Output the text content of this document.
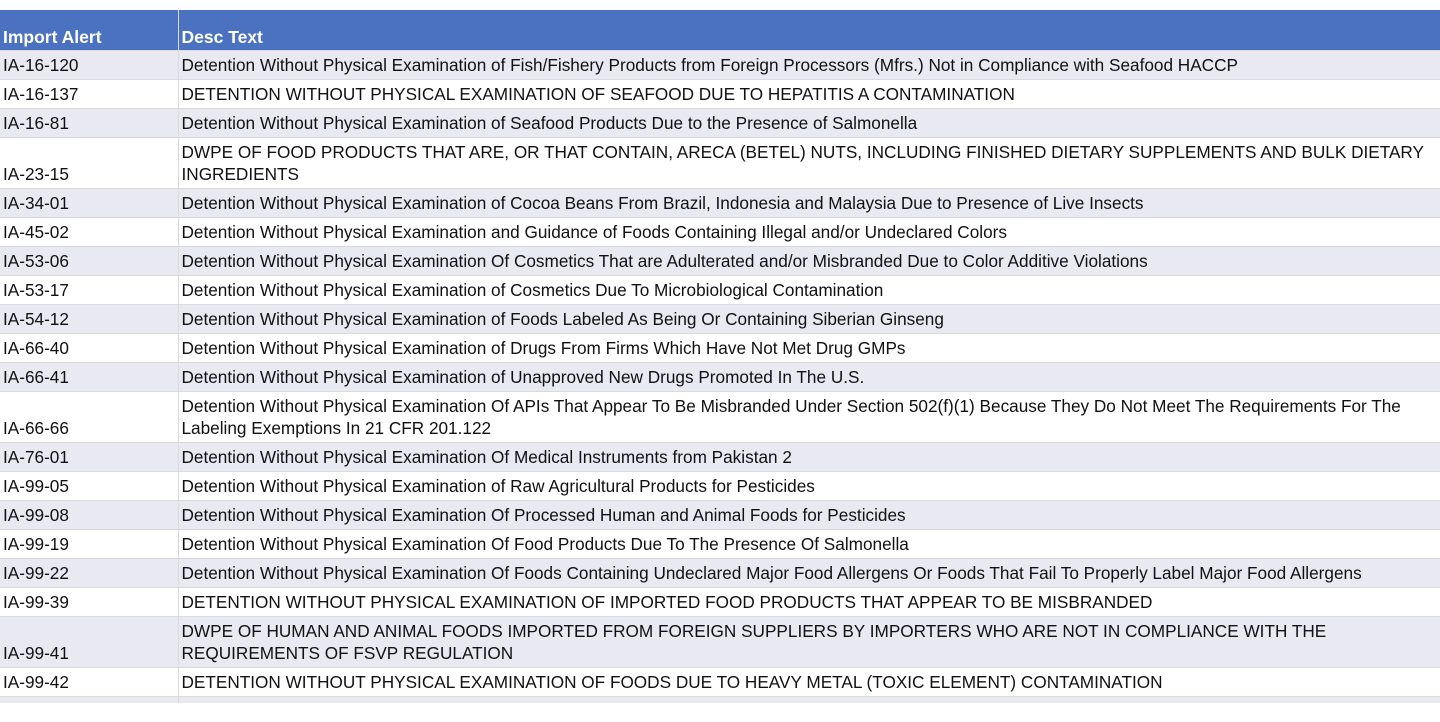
Import Alert	Desc Text
IA-16-120	Detention Without Physical Examination of Fish/Fishery Products from Foreign Processors (Mfrs.) Not in Compliance with Seafood HACCP
IA-16-137	DETENTION WITHOUT PHYSICAL EXAMINATION OF SEAFOOD DUE TO HEPATITIS A CONTAMINATION
IA-16-81	Detention Without Physical Examination of Seafood Products Due to the Presence of Salmonella
IA-23-15	DWPE OF FOOD PRODUCTS THAT ARE, OR THAT CONTAIN, ARECA (BETEL) NUTS, INCLUDING FINISHED DIETARY SUPPLEMENTS AND BULK DIETARY INGREDIENTS
IA-34-01	Detention Without Physical Examination of Cocoa Beans From Brazil, Indonesia and Malaysia Due to Presence of Live Insects
IA-45-02	Detention Without Physical Examination and Guidance of Foods Containing Illegal and/or Undeclared Colors
IA-53-06	Detention Without Physical Examination Of Cosmetics That are Adulterated and/or Misbranded Due to Color Additive Violations
IA-53-17	Detention Without Physical Examination of Cosmetics Due To Microbiological Contamination
IA-54-12	Detention Without Physical Examination of Foods Labeled As Being Or Containing Siberian Ginseng
IA-66-40	Detention Without Physical Examination of Drugs From Firms Which Have Not Met Drug GMPs
IA-66-41	Detention Without Physical Examination of Unapproved New Drugs Promoted In The U.S.
IA-66-66	Detention Without Physical Examination Of APIs That Appear To Be Misbranded Under Section 502(f)(1) Because They Do Not Meet The Requirements For The Labeling Exemptions In 21 CFR 201.122
IA-76-01	Detention Without Physical Examination Of Medical Instruments from Pakistan 2
IA-99-05	Detention Without Physical Examination of Raw Agricultural Products for Pesticides
IA-99-08	Detention Without Physical Examination Of Processed Human and Animal Foods for Pesticides
IA-99-19	Detention Without Physical Examination Of Food Products Due To The Presence Of Salmonella
IA-99-22	Detention Without Physical Examination Of Foods Containing Undeclared Major Food Allergens Or Foods That Fail To Properly Label Major Food Allergens
IA-99-39	DETENTION WITHOUT PHYSICAL EXAMINATION OF IMPORTED FOOD PRODUCTS THAT APPEAR TO BE MISBRANDED
IA-99-41	DWPE OF HUMAN AND ANIMAL FOODS IMPORTED FROM FOREIGN SUPPLIERS BY IMPORTERS WHO ARE NOT IN COMPLIANCE WITH THE REQUIREMENTS OF FSVP REGULATION
IA-99-42	DETENTION WITHOUT PHYSICAL EXAMINATION OF FOODS DUE TO HEAVY METAL (TOXIC ELEMENT) CONTAMINATION
